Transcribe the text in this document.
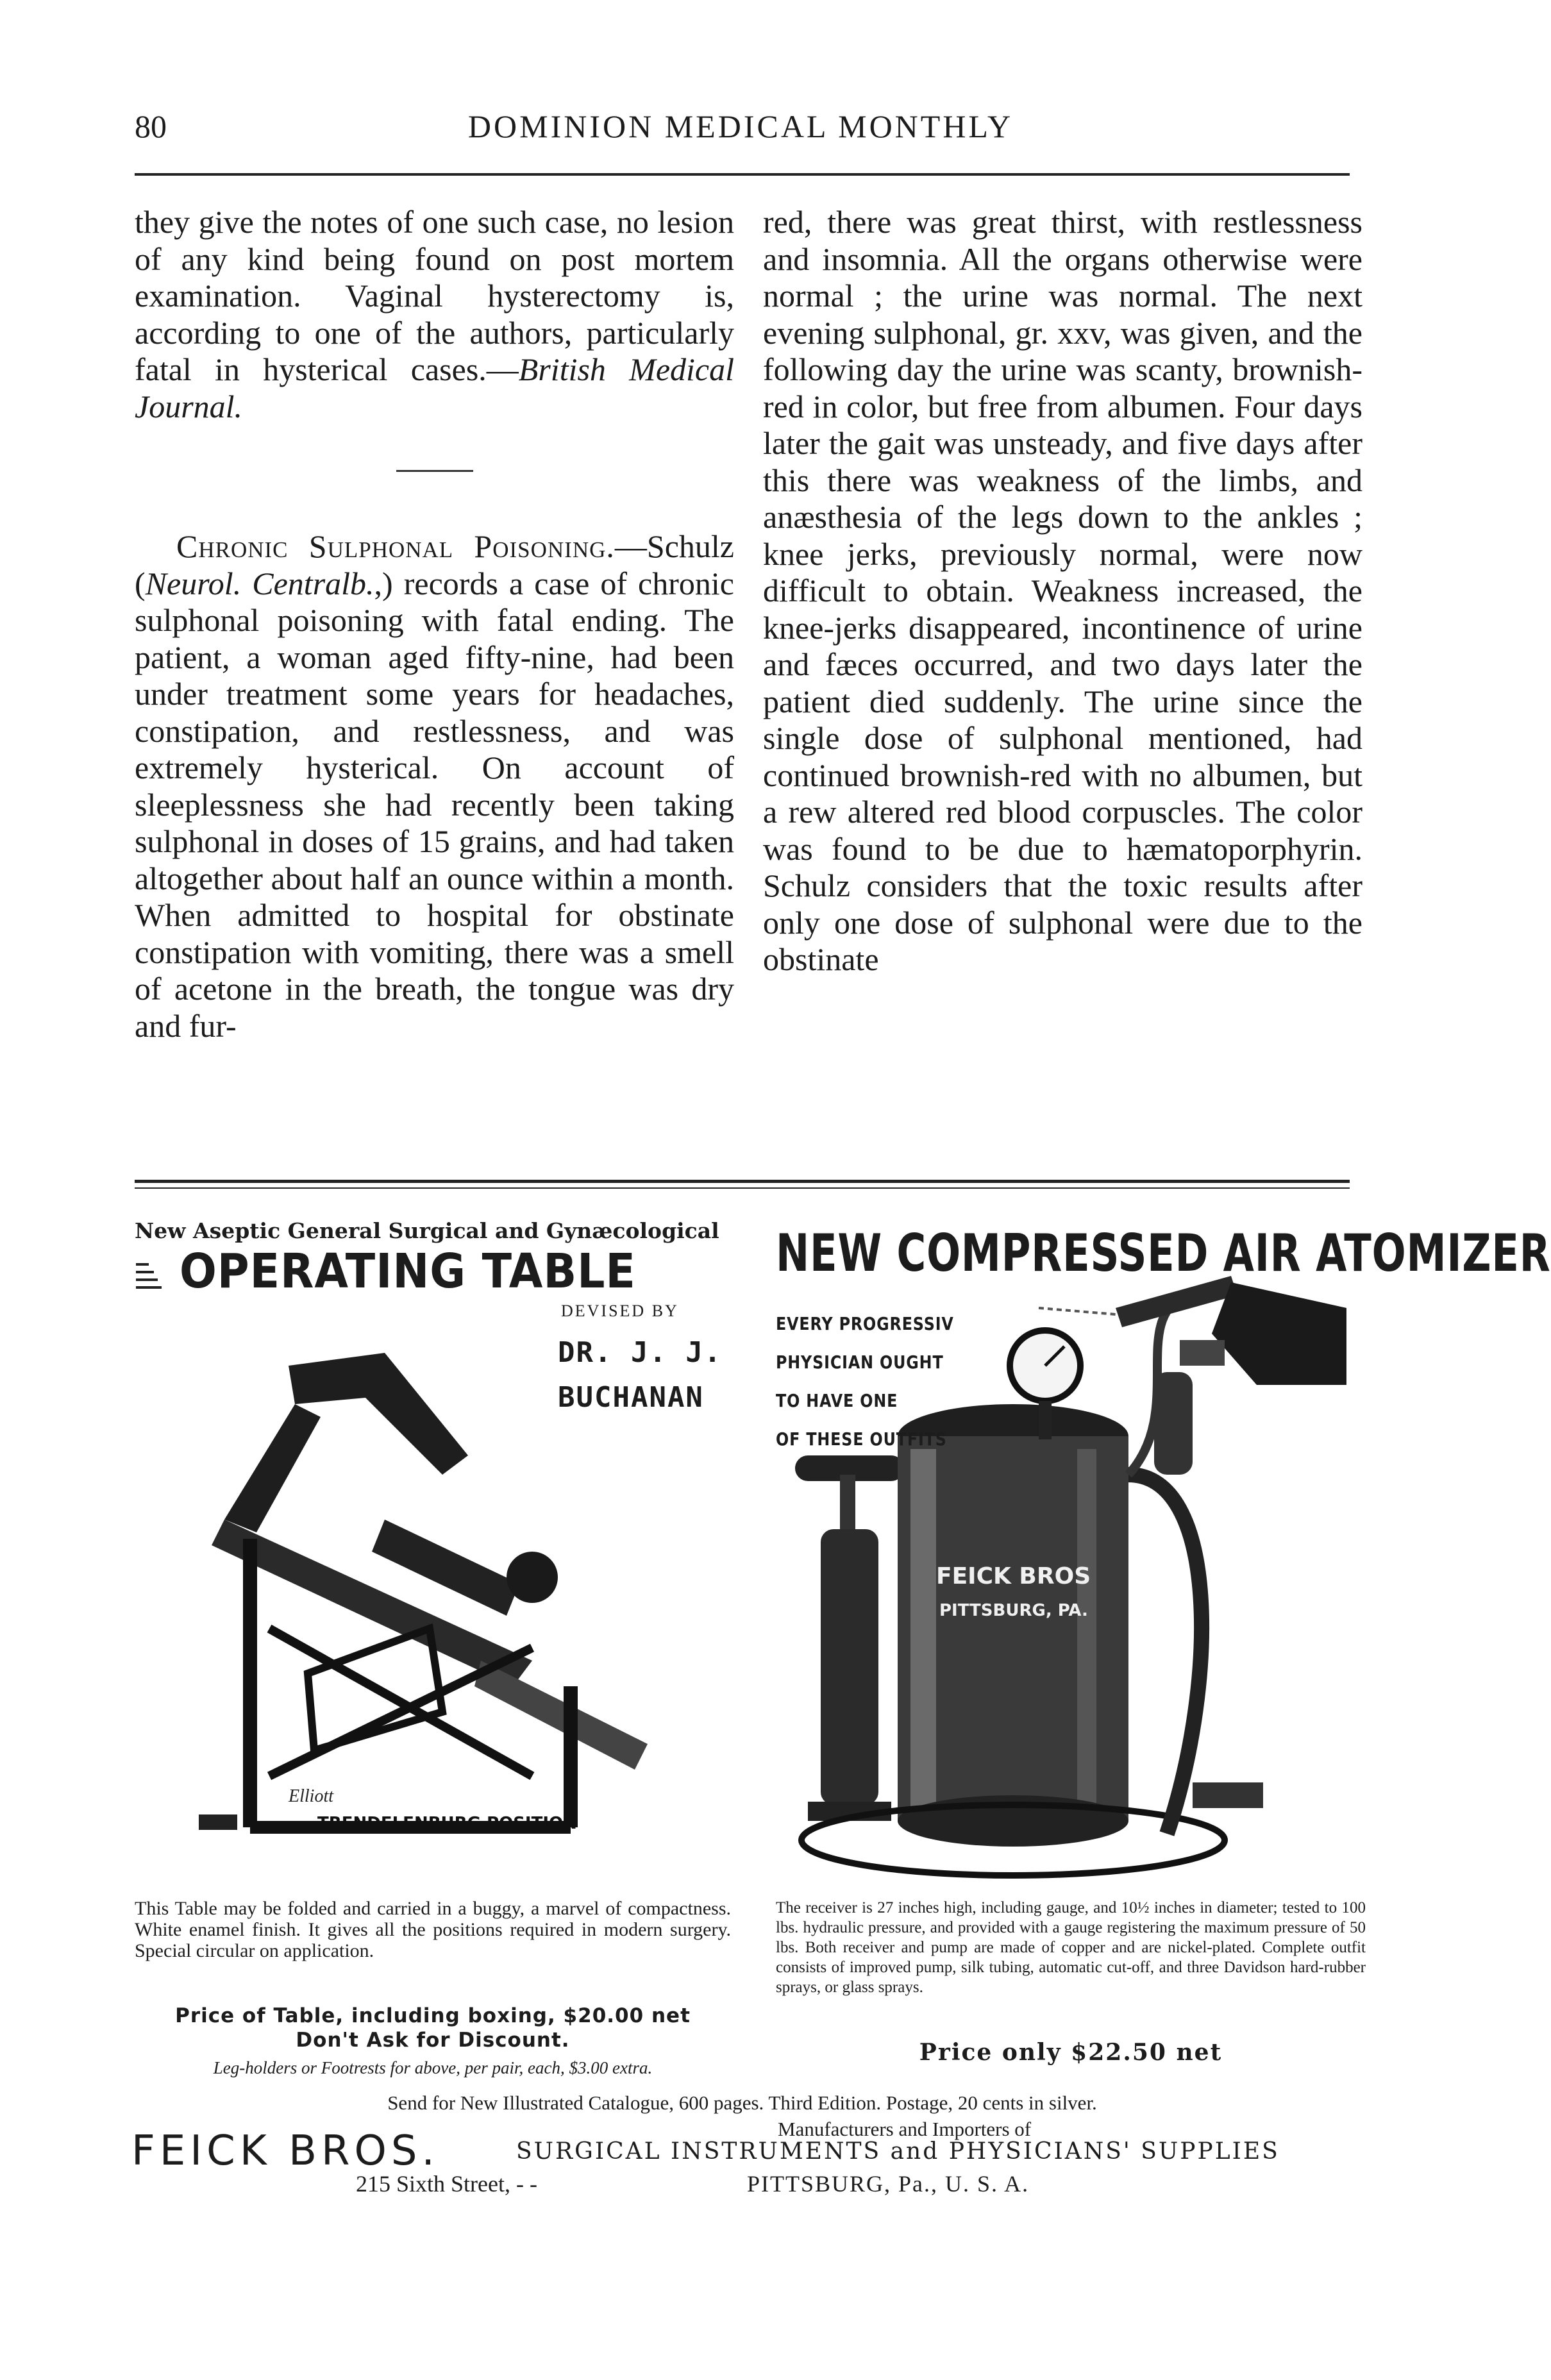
80	DOMINION MEDICAL MONTHLY

they give the notes of one such case, no lesion of any kind being found on post mortem examination. Vaginal hysterectomy is, according to one of the authors, particularly fatal in hysterical cases.—British Medical Journal.

Chronic Sulphonal Poisoning.—Schulz (Neurol. Centralb.,) records a case of chronic sulphonal poisoning with fatal ending. The patient, a woman aged fifty-nine, had been under treatment some years for headaches, constipation, and restlessness, and was extremely hysterical. On account of sleeplessness she had recently been taking sulphonal in doses of 15 grains, and had taken altogether about half an ounce within a month. When admitted to hospital for obstinate constipation with vomiting, there was a smell of acetone in the breath, the tongue was dry and fur-

red, there was great thirst, with restlessness and insomnia. All the organs otherwise were normal ; the urine was normal. The next evening sulphonal, gr. xxv, was given, and the following day the urine was scanty, brownish-red in color, but free from albumen. Four days later the gait was unsteady, and five days after this there was weakness of the limbs, and anæsthesia of the legs down to the ankles ; knee jerks, previously normal, were now difficult to obtain. Weakness increased, the knee-jerks disappeared, incontinence of urine and fæces occurred, and two days later the patient died suddenly. The urine since the single dose of sulphonal mentioned, had continued brownish-red with no albumen, but a rew altered red blood corpuscles. The color was found to be due to hæmatoporphyrin. Schulz considers that the toxic results after only one dose of sulphonal were due to the obstinate

New Aseptic General Surgical and Gynæcological
OPERATING TABLE
DEVISED BY
DR. J. J.
BUCHANAN
FEICK BROS.
Elliott
TRENDELENBURG POSITION
This Table may be folded and carried in a buggy, a marvel of compactness. White enamel finish. It gives all the positions required in modern surgery. Special circular on application.
Price of Table, including boxing, $20.00 net
Don't Ask for Discount.
Leg-holders or Footrests for above, per pair, each, $3.00 extra.
NEW COMPRESSED AIR ATOMIZER
FEICK BROS
PITTSBURG, PA.
EVERY PROGRESSIV
PHYSICIAN OUGHT
TO HAVE ONE
OF THESE OUTFITS
The receiver is 27 inches high, including gauge, and 10½ inches in diameter; tested to 100 lbs. hydraulic pressure, and provided with a gauge registering the maximum pressure of 50 lbs. Both receiver and pump are made of copper and are nickel-plated. Complete outfit consists of improved pump, silk tubing, automatic cut-off, and three Davidson hard-rubber sprays, or glass sprays.
Price only $22.50 net
Send for New Illustrated Catalogue, 600 pages. Third Edition. Postage, 20 cents in silver.
Manufacturers and Importers of
FEICK BROS.	SURGICAL INSTRUMENTS and PHYSICIANS' SUPPLIES
215 Sixth Street, - -	PITTSBURG, Pa., U. S. A.
